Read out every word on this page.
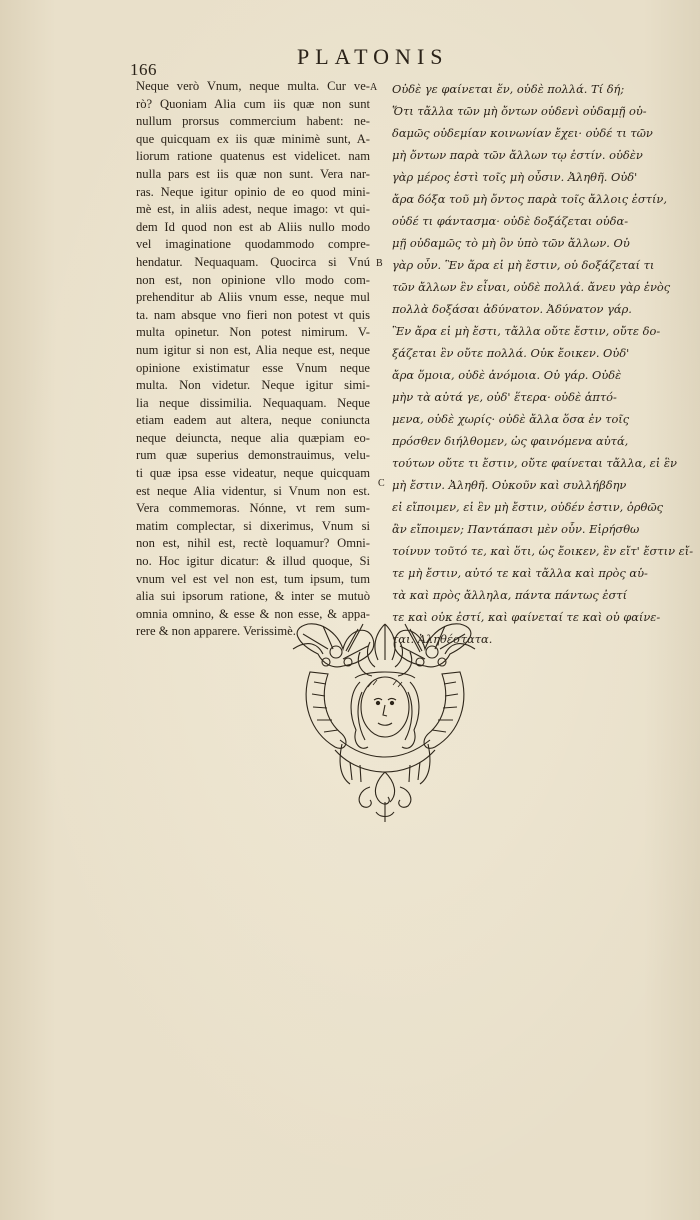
166
PLATONIS
Neque verò Vnum, neque multa. Cur ve-
rò? Quoniam Alia cum iis quæ non sunt
nullum prorsus commercium habent: ne-
que quicquam ex iis quæ minimè sunt, A-
liorum ratione quatenus est videlicet. nam
nulla pars est iis quæ non sunt. Vera nar-
ras. Neque igitur opinio de eo quod mini-
mè est, in aliis adest, neque imago: vt qui-
dem Id quod non est ab Aliis nullo modo
vel imaginatione quodammodo compre-
hendatur. Nequaquam. Quocirca si Vnú
non est, non opinione vllo modo com-
prehenditur ab Aliis vnum esse, neque mul
ta. nam absque vno fieri non potest vt quis
multa opinetur. Non potest nimirum. V-
num igitur si non est, Alia neque est, neque
opinione existimatur esse Vnum neque
multa. Non videtur. Neque igitur simi-
lia neque dissimilia. Nequaquam. Neque
etiam eadem aut altera, neque coniuncta
neque deiuncta, neque alia quæpiam eo-
rum quæ superius demonstrauimus, velu-
ti quæ ipsa esse videatur, neque quicquam
est neque Alia videntur, si Vnum non est.
Vera commemoras. Nónne, vt rem sum-
matim complectar, si dixerimus, Vnum si
non est, nihil est, rectè loquamur? Omni-
no. Hoc igitur dicatur: & illud quoque, Si
vnum vel est vel non est, tum ipsum, tum
alia sui ipsorum ratione, & inter se mutuò
omnia omnino, & esse & non esse, & appa-
rere & non apparere. Verissimè.
A
B
C
Οὐδὲ γε φαίνεται ἕν, οὐδὲ πολλά. Τί δή;
Ὅτι τἄλλα τῶν μὴ ὄντων οὐδενὶ οὐδαμῇ οὐ-
δαμῶς οὐδεμίαν κοινωνίαν ἔχει· οὐδέ τι τῶν
μὴ ὄντων παρὰ τῶν ἄλλων τῳ ἐστίν. οὐδὲν
γὰρ μέρος ἐστὶ τοῖς μὴ οὖσιν. Ἀληθῆ. Οὐδ'
ἄρα δόξα τοῦ μὴ ὄντος παρὰ τοῖς ἄλλοις ἐστίν,
οὐδέ τι φάντασμα· οὐδὲ δοξάζεται οὐδα-
μῇ οὐδαμῶς τὸ μὴ ὂν ὑπὸ τῶν ἄλλων. Οὐ
γὰρ οὖν. Ἓν ἄρα εἰ μὴ ἔστιν, οὐ δοξάζεταί τι
τῶν ἄλλων ἓν εἶναι, οὐδὲ πολλά. ἄνευ γὰρ ἑνὸς
πολλὰ δοξάσαι ἀδύνατον. Ἀδύνατον γάρ.
Ἓν ἄρα εἰ μὴ ἔστι, τἄλλα οὔτε ἔστιν, οὔτε δο-
ξάζεται ἓν οὔτε πολλά. Οὐκ ἔοικεν. Οὐδ'
ἄρα ὅμοια, οὐδὲ ἀνόμοια. Οὐ γάρ. Οὐδὲ
μὴν τὰ αὐτά γε, οὐδ' ἕτερα· οὐδὲ ἁπτό-
μενα, οὐδὲ χωρίς· οὐδὲ ἄλλα ὅσα ἐν τοῖς
πρόσθεν διήλθομεν, ὡς φαινόμενα αὐτά,
τούτων οὔτε τι ἔστιν, οὔτε φαίνεται τἄλλα, εἰ ἓν
μὴ ἔστιν. Ἀληθῆ. Οὐκοῦν καὶ συλλήβδην
εἰ εἴποιμεν, εἰ ἓν μὴ ἔστιν, οὐδέν ἐστιν, ὀρθῶς
ἂν εἴποιμεν; Παντάπασι μὲν οὖν. Εἰρήσθω
τοίνυν τοῦτό τε, καὶ ὅτι, ὡς ἔοικεν, ἓν εἴτ' ἔστιν εἴ-
τε μὴ ἔστιν, αὐτό τε καὶ τἄλλα καὶ πρὸς αὑ-
τὰ καὶ πρὸς ἄλληλα, πάντα πάντως ἐστί
τε καὶ οὐκ ἐστί, καὶ φαίνεταί τε καὶ οὐ φαίνε-
ται. Ἀληθέστατα.
